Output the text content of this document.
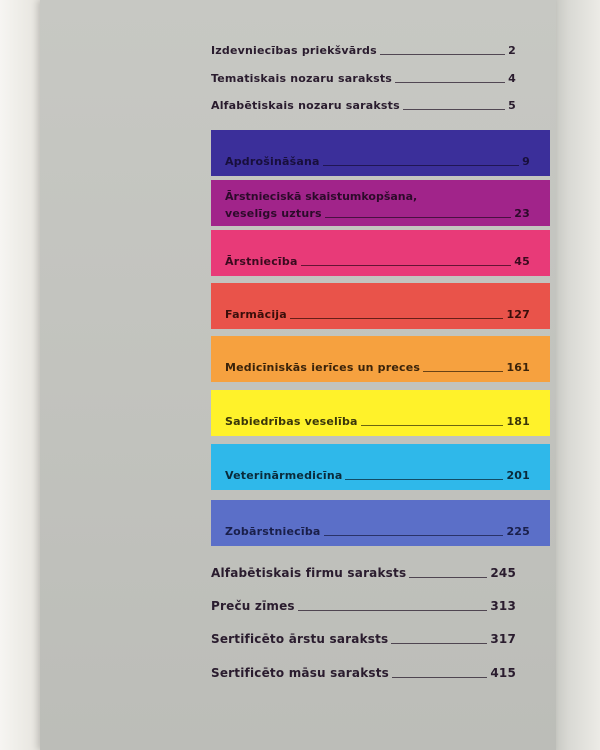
Izdevniecības priekšvārds	2
Tematiskais nozaru saraksts	4
Alfabētiskais nozaru saraksts	5
Apdrošināšana	9
Ārstnieciskā skaistumkopšana,
veselīgs uzturs	23
Ārstniecība	45
Farmācija	127
Medicīniskās ierīces un preces	161
Sabiedrības veselība	181
Veterinārmedicīna	201
Zobārstniecība	225
Alfabētiskais firmu saraksts	245
Preču zīmes	313
Sertificēto ārstu saraksts	317
Sertificēto māsu saraksts	415
